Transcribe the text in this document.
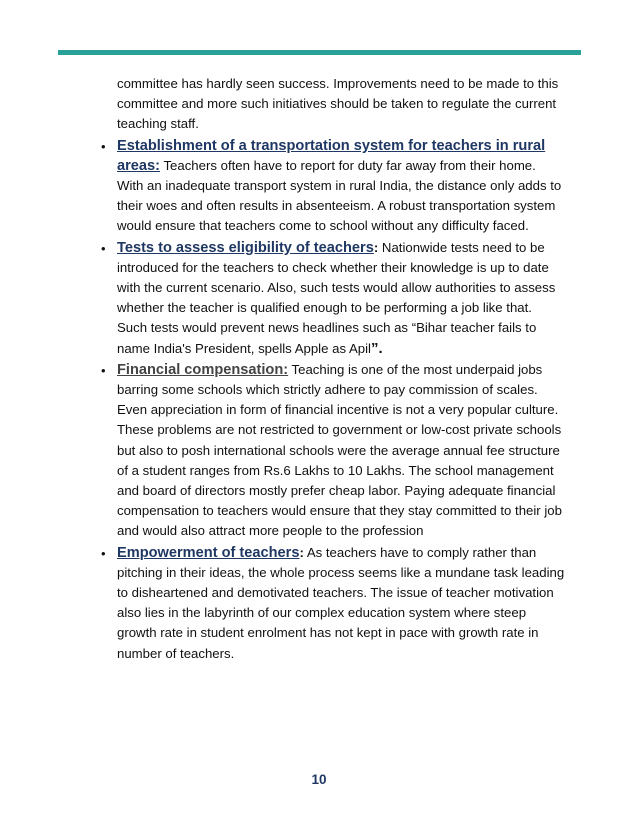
committee has hardly seen success. Improvements need to be made to this committee and more such initiatives should be taken to regulate the current teaching staff.

• Establishment of a transportation system for teachers in rural areas: Teachers often have to report for duty far away from their home. With an inadequate transport system in rural India, the distance only adds to their woes and often results in absenteeism. A robust transportation system would ensure that teachers come to school without any difficulty faced.
• Tests to assess eligibility of teachers: Nationwide tests need to be introduced for the teachers to check whether their knowledge is up to date with the current scenario. Also, such tests would allow authorities to assess whether the teacher is qualified enough to be performing a job like that. Such tests would prevent news headlines such as “Bihar teacher fails to name India's President, spells Apple as Apil”.
• Financial compensation: Teaching is one of the most underpaid jobs barring some schools which strictly adhere to pay commission of scales. Even appreciation in form of financial incentive is not a very popular culture. These problems are not restricted to government or low-cost private schools but also to posh international schools were the average annual fee structure of a student ranges from Rs.6 Lakhs to 10 Lakhs. The school management and board of directors mostly prefer cheap labor. Paying adequate financial compensation to teachers would ensure that they stay committed to their job and would also attract more people to the profession
• Empowerment of teachers: As teachers have to comply rather than pitching in their ideas, the whole process seems like a mundane task leading to disheartened and demotivated teachers. The issue of teacher motivation also lies in the labyrinth of our complex education system where steep growth rate in student enrolment has not kept in pace with growth rate in number of teachers.
10
